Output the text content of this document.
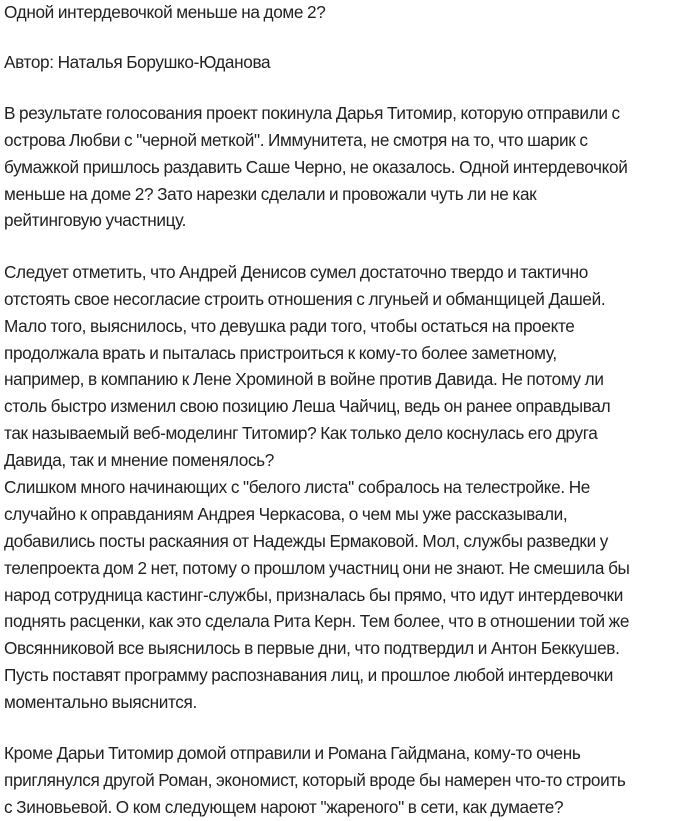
Одной интердевочкой меньше на доме 2?
Автор: Наталья Борушко-Юданова
В результате голосования проект покинула Дарья Титомир, которую отправили с
острова Любви с "черной меткой". Иммунитета, не смотря на то, что шарик с
бумажкой пришлось раздавить Саше Черно, не оказалось. Одной интердевочкой
меньше на доме 2? Зато нарезки сделали и провожали чуть ли не как
рейтинговую участницу.
Следует отметить, что Андрей Денисов сумел достаточно твердо и тактично
отстоять свое несогласие строить отношения с лгуньей и обманщицей Дашей.
Мало того, выяснилось, что девушка ради того, чтобы остаться на проекте
продолжала врать и пыталась пристроиться к кому-то более заметному,
например, в компанию к Лене Хроминой в войне против Давида. Не потому ли
столь быстро изменил свою позицию Леша Чайчиц, ведь он ранее оправдывал
так называемый веб-моделинг Титомир? Как только дело коснулась его друга
Давида, так и мнение поменялось?
Слишком много начинающих с "белого листа" собралось на телестройке. Не
случайно к оправданиям Андрея Черкасова, о чем мы уже рассказывали,
добавились посты раскаяния от Надежды Ермаковой. Мол, службы разведки у
телепроекта дом 2 нет, потому о прошлом участниц они не знают. Не смешила бы
народ сотрудница кастинг-службы, призналась бы прямо, что идут интердевочки
поднять расценки, как это сделала Рита Керн. Тем более, что в отношении той же
Овсянниковой все выяснилось в первые дни, что подтвердил и Антон Беккушев.
Пусть поставят программу распознавания лиц, и прошлое любой интердевочки
моментально выяснится.
Кроме Дарьи Титомир домой отправили и Романа Гайдмана, кому-то очень
приглянулся другой Роман, экономист, который вроде бы намерен что-то строить
с Зиновьевой. О ком следующем нароют "жареного" в сети, как думаете?
